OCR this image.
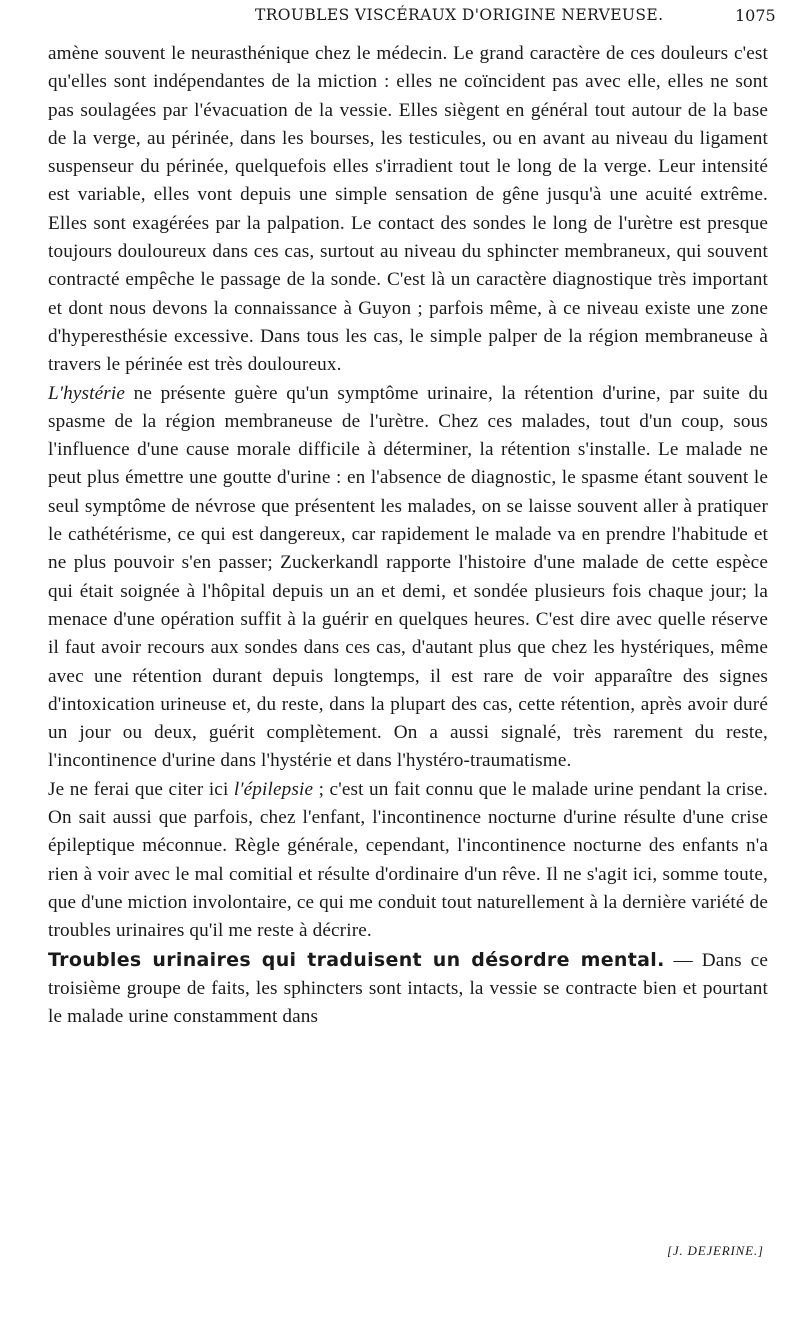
TROUBLES VISCÉRAUX D'ORIGINE NERVEUSE.	1075

amène souvent le neurasthénique chez le médecin. Le grand caractère de ces douleurs c'est qu'elles sont indépendantes de la miction : elles ne coïncident pas avec elle, elles ne sont pas soulagées par l'évacuation de la vessie. Elles siègent en général tout autour de la base de la verge, au périnée, dans les bourses, les testicules, ou en avant au niveau du ligament suspenseur du périnée, quelquefois elles s'irradient tout le long de la verge. Leur intensité est variable, elles vont depuis une simple sensation de gêne jusqu'à une acuité extrême. Elles sont exagérées par la palpation. Le contact des sondes le long de l'urètre est presque toujours douloureux dans ces cas, surtout au niveau du sphincter membraneux, qui souvent contracté empêche le passage de la sonde. C'est là un caractère diagnostique très important et dont nous devons la connaissance à Guyon ; parfois même, à ce niveau existe une zone d'hyperesthésie excessive. Dans tous les cas, le simple palper de la région membraneuse à travers le périnée est très douloureux.

L'hystérie ne présente guère qu'un symptôme urinaire, la rétention d'urine, par suite du spasme de la région membraneuse de l'urètre. Chez ces malades, tout d'un coup, sous l'influence d'une cause morale difficile à déterminer, la rétention s'installe. Le malade ne peut plus émettre une goutte d'urine : en l'absence de diagnostic, le spasme étant souvent le seul symptôme de névrose que présentent les malades, on se laisse souvent aller à pratiquer le cathétérisme, ce qui est dangereux, car rapidement le malade va en prendre l'habitude et ne plus pouvoir s'en passer; Zuckerkandl rapporte l'histoire d'une malade de cette espèce qui était soignée à l'hôpital depuis un an et demi, et sondée plusieurs fois chaque jour; la menace d'une opération suffit à la guérir en quelques heures. C'est dire avec quelle réserve il faut avoir recours aux sondes dans ces cas, d'autant plus que chez les hystériques, même avec une rétention durant depuis longtemps, il est rare de voir apparaître des signes d'intoxication urineuse et, du reste, dans la plupart des cas, cette rétention, après avoir duré un jour ou deux, guérit complètement. On a aussi signalé, très rarement du reste, l'incontinence d'urine dans l'hystérie et dans l'hystéro-traumatisme.

Je ne ferai que citer ici l'épilepsie ; c'est un fait connu que le malade urine pendant la crise. On sait aussi que parfois, chez l'enfant, l'incontinence nocturne d'urine résulte d'une crise épileptique méconnue. Règle générale, cependant, l'incontinence nocturne des enfants n'a rien à voir avec le mal comitial et résulte d'ordinaire d'un rêve. Il ne s'agit ici, somme toute, que d'une miction involontaire, ce qui me conduit tout naturellement à la dernière variété de troubles urinaires qu'il me reste à décrire.

Troubles urinaires qui traduisent un désordre mental. — Dans ce troisième groupe de faits, les sphincters sont intacts, la vessie se contracte bien et pourtant le malade urine constamment dans

[J. DEJERINE.]
